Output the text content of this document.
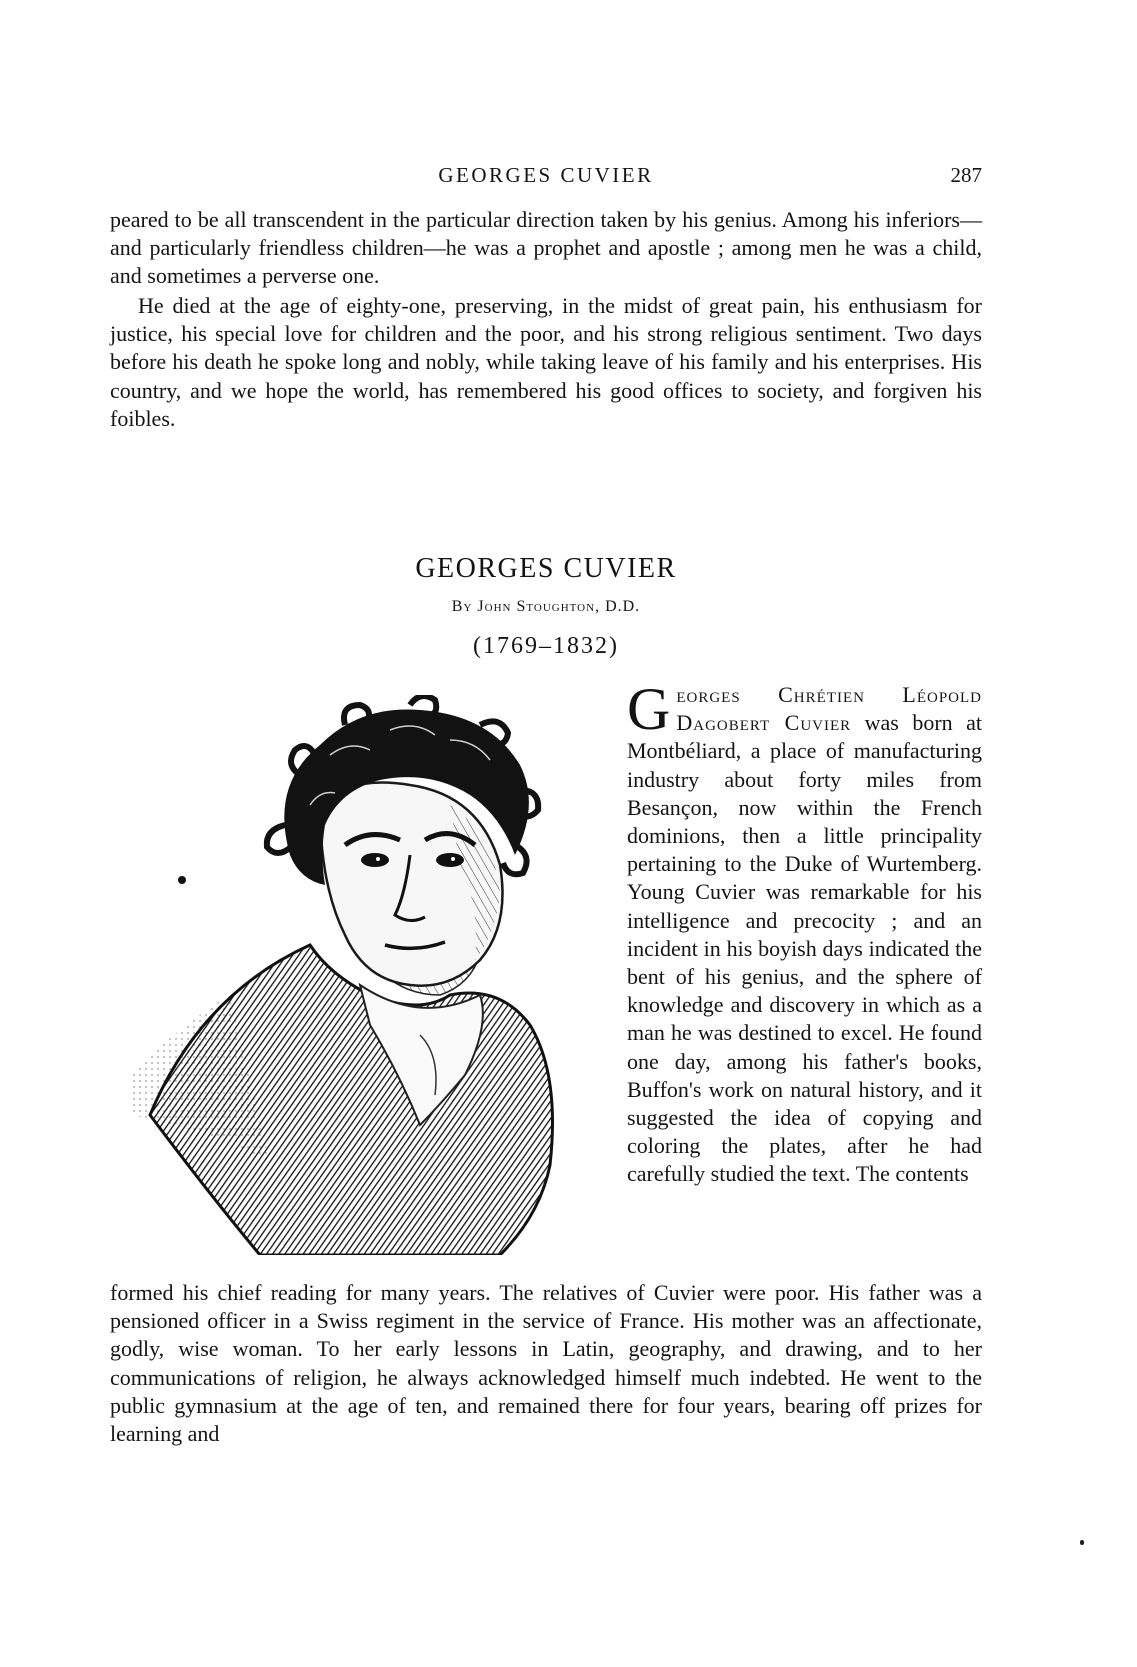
GEORGES CUVIER	287

peared to be all transcendent in the particular direction taken by his genius. Among his inferiors—and particularly friendless children—he was a prophet and apostle ; among men he was a child, and sometimes a perverse one.

He died at the age of eighty-one, preserving, in the midst of great pain, his enthusiasm for justice, his special love for children and the poor, and his strong religious sentiment. Two days before his death he spoke long and nobly, while taking leave of his family and his enterprises. His country, and we hope the world, has remembered his good offices to society, and forgiven his foibles.

GEORGES CUVIER
By John Stoughton, D.D.
(1769–1832)

Georges Chrétien Léopold Dagobert Cuvier was born at Montbéliard, a place of manufacturing industry about forty miles from Besançon, now within the French dominions, then a little principality pertaining to the Duke of Wurtemberg. Young Cuvier was remarkable for his intelligence and precocity ; and an incident in his boyish days indicated the bent of his genius, and the sphere of knowledge and discovery in which as a man he was destined to excel. He found one day, among his father's books, Buffon's work on natural history, and it suggested the idea of copying and coloring the plates, after he had carefully studied the text. The contents

formed his chief reading for many years. The relatives of Cuvier were poor. His father was a pensioned officer in a Swiss regiment in the service of France. His mother was an affectionate, godly, wise woman. To her early lessons in Latin, geography, and drawing, and to her communications of religion, he always acknowledged himself much indebted. He went to the public gymnasium at the age of ten, and remained there for four years, bearing off prizes for learning and
